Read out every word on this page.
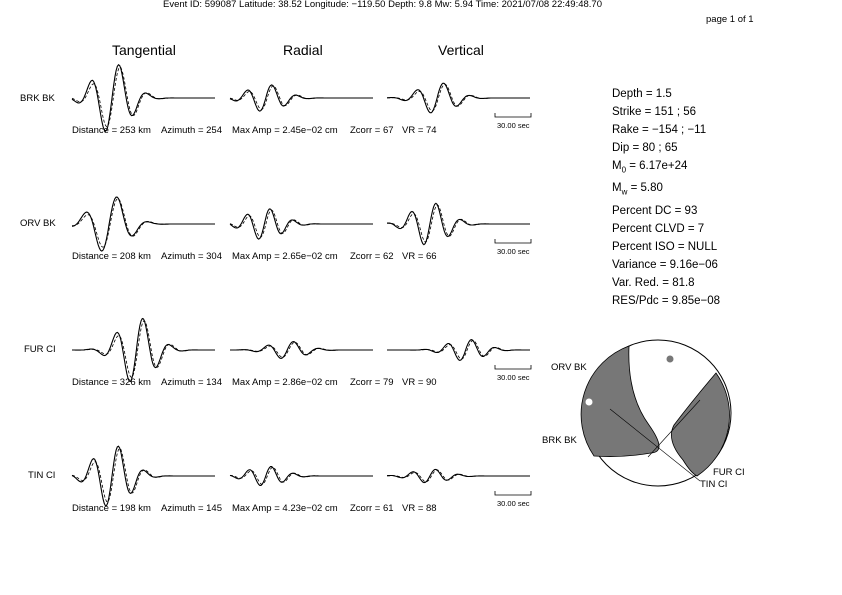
Event ID: 599087 Latitude: 38.52 Longitude: −119.50 Depth: 9.8 Mw: 5.94 Time: 2021/07/08 22:49:48.70
page 1 of 1
Tangential	Radial	Vertical
BRK BK
Distance = 253 km Azimuth = 254 Max Amp = 2.45e−02 cm Zcorr = 67 VR = 74
ORV BK
Distance = 208 km Azimuth = 304 Max Amp = 2.65e−02 cm Zcorr = 62 VR = 66
FUR CI
Distance = 326 km Azimuth = 134 Max Amp = 2.86e−02 cm Zcorr = 79 VR = 90
TIN CI
Distance = 198 km Azimuth = 145 Max Amp = 4.23e−02 cm Zcorr = 61 VR = 88
30.00 sec
30.00 sec
30.00 sec
30.00 sec
Depth = 1.5
Strike = 151 ; 56
Rake = −154 ; −11
Dip = 80 ; 65
$M_0 = 6.17e+24$
$M_w = 5.80$
Percent DC = 93
Percent CLVD = 7
Percent ISO = NULL
Variance = 9.16e−06
Var. Red. = 81.8
RES/Pdc = 9.85e−08
ORV BK
BRK BK
FUR CI
TIN CI
